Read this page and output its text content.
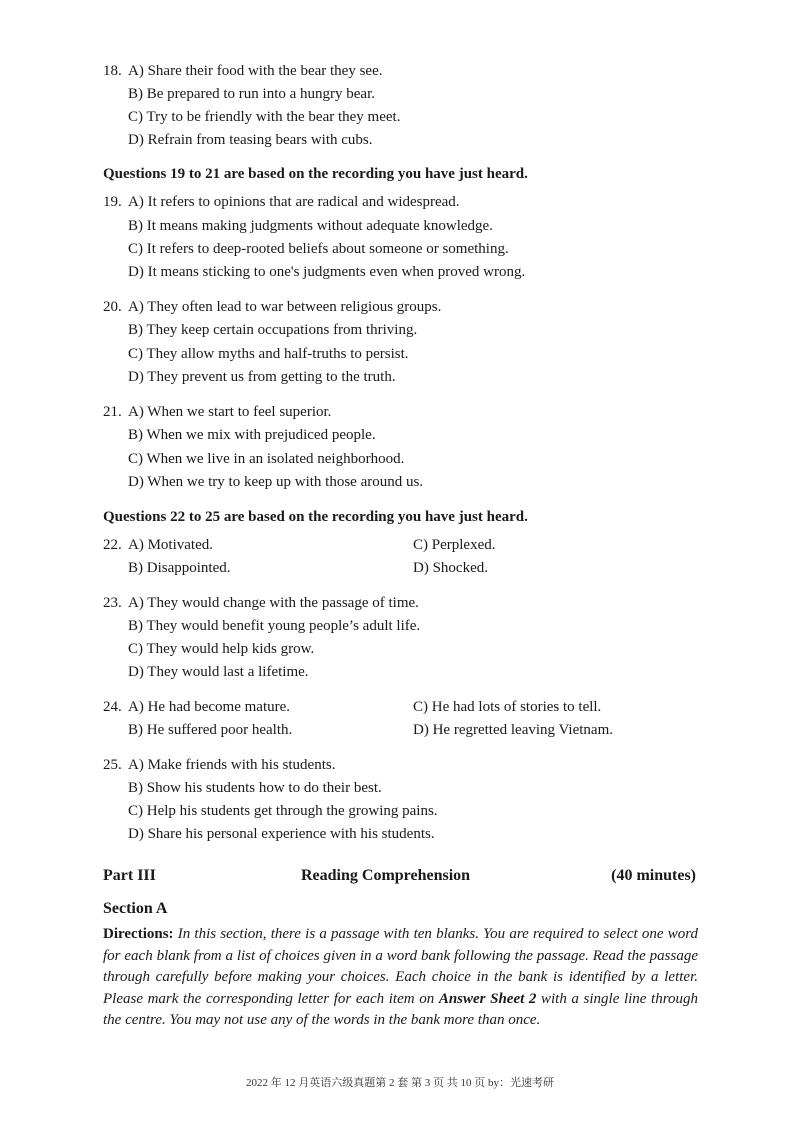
18. A) Share their food with the bear they see.
B) Be prepared to run into a hungry bear.
C) Try to be friendly with the bear they meet.
D) Refrain from teasing bears with cubs.
Questions 19 to 21 are based on the recording you have just heard.
19. A) It refers to opinions that are radical and widespread.
B) It means making judgments without adequate knowledge.
C) It refers to deep-rooted beliefs about someone or something.
D) It means sticking to one's judgments even when proved wrong.
20. A) They often lead to war between religious groups.
B) They keep certain occupations from thriving.
C) They allow myths and half-truths to persist.
D) They prevent us from getting to the truth.
21. A) When we start to feel superior.
B) When we mix with prejudiced people.
C) When we live in an isolated neighborhood.
D) When we try to keep up with those around us.
Questions 22 to 25 are based on the recording you have just heard.
22. A) Motivated.	C) Perplexed.
B) Disappointed.	D) Shocked.
23. A) They would change with the passage of time.
B) They would benefit young people’s adult life.
C) They would help kids grow.
D) They would last a lifetime.
24. A) He had become mature.	C) He had lots of stories to tell.
B) He suffered poor health.	D) He regretted leaving Vietnam.
25. A) Make friends with his students.
B) Show his students how to do their best.
C) Help his students get through the growing pains.
D) Share his personal experience with his students.
Part III	Reading Comprehension	(40 minutes)
Section A
Directions: In this section, there is a passage with ten blanks. You are required to select one word for each blank from a list of choices given in a word bank following the passage. Read the passage through carefully before making your choices. Each choice in the bank is identified by a letter. Please mark the corresponding letter for each item on Answer Sheet 2 with a single line through the centre. You may not use any of the words in the bank more than once.
2022 年 12 月英语六级真题第 2 套 第 3 页 共 10 页 by：光速考研
